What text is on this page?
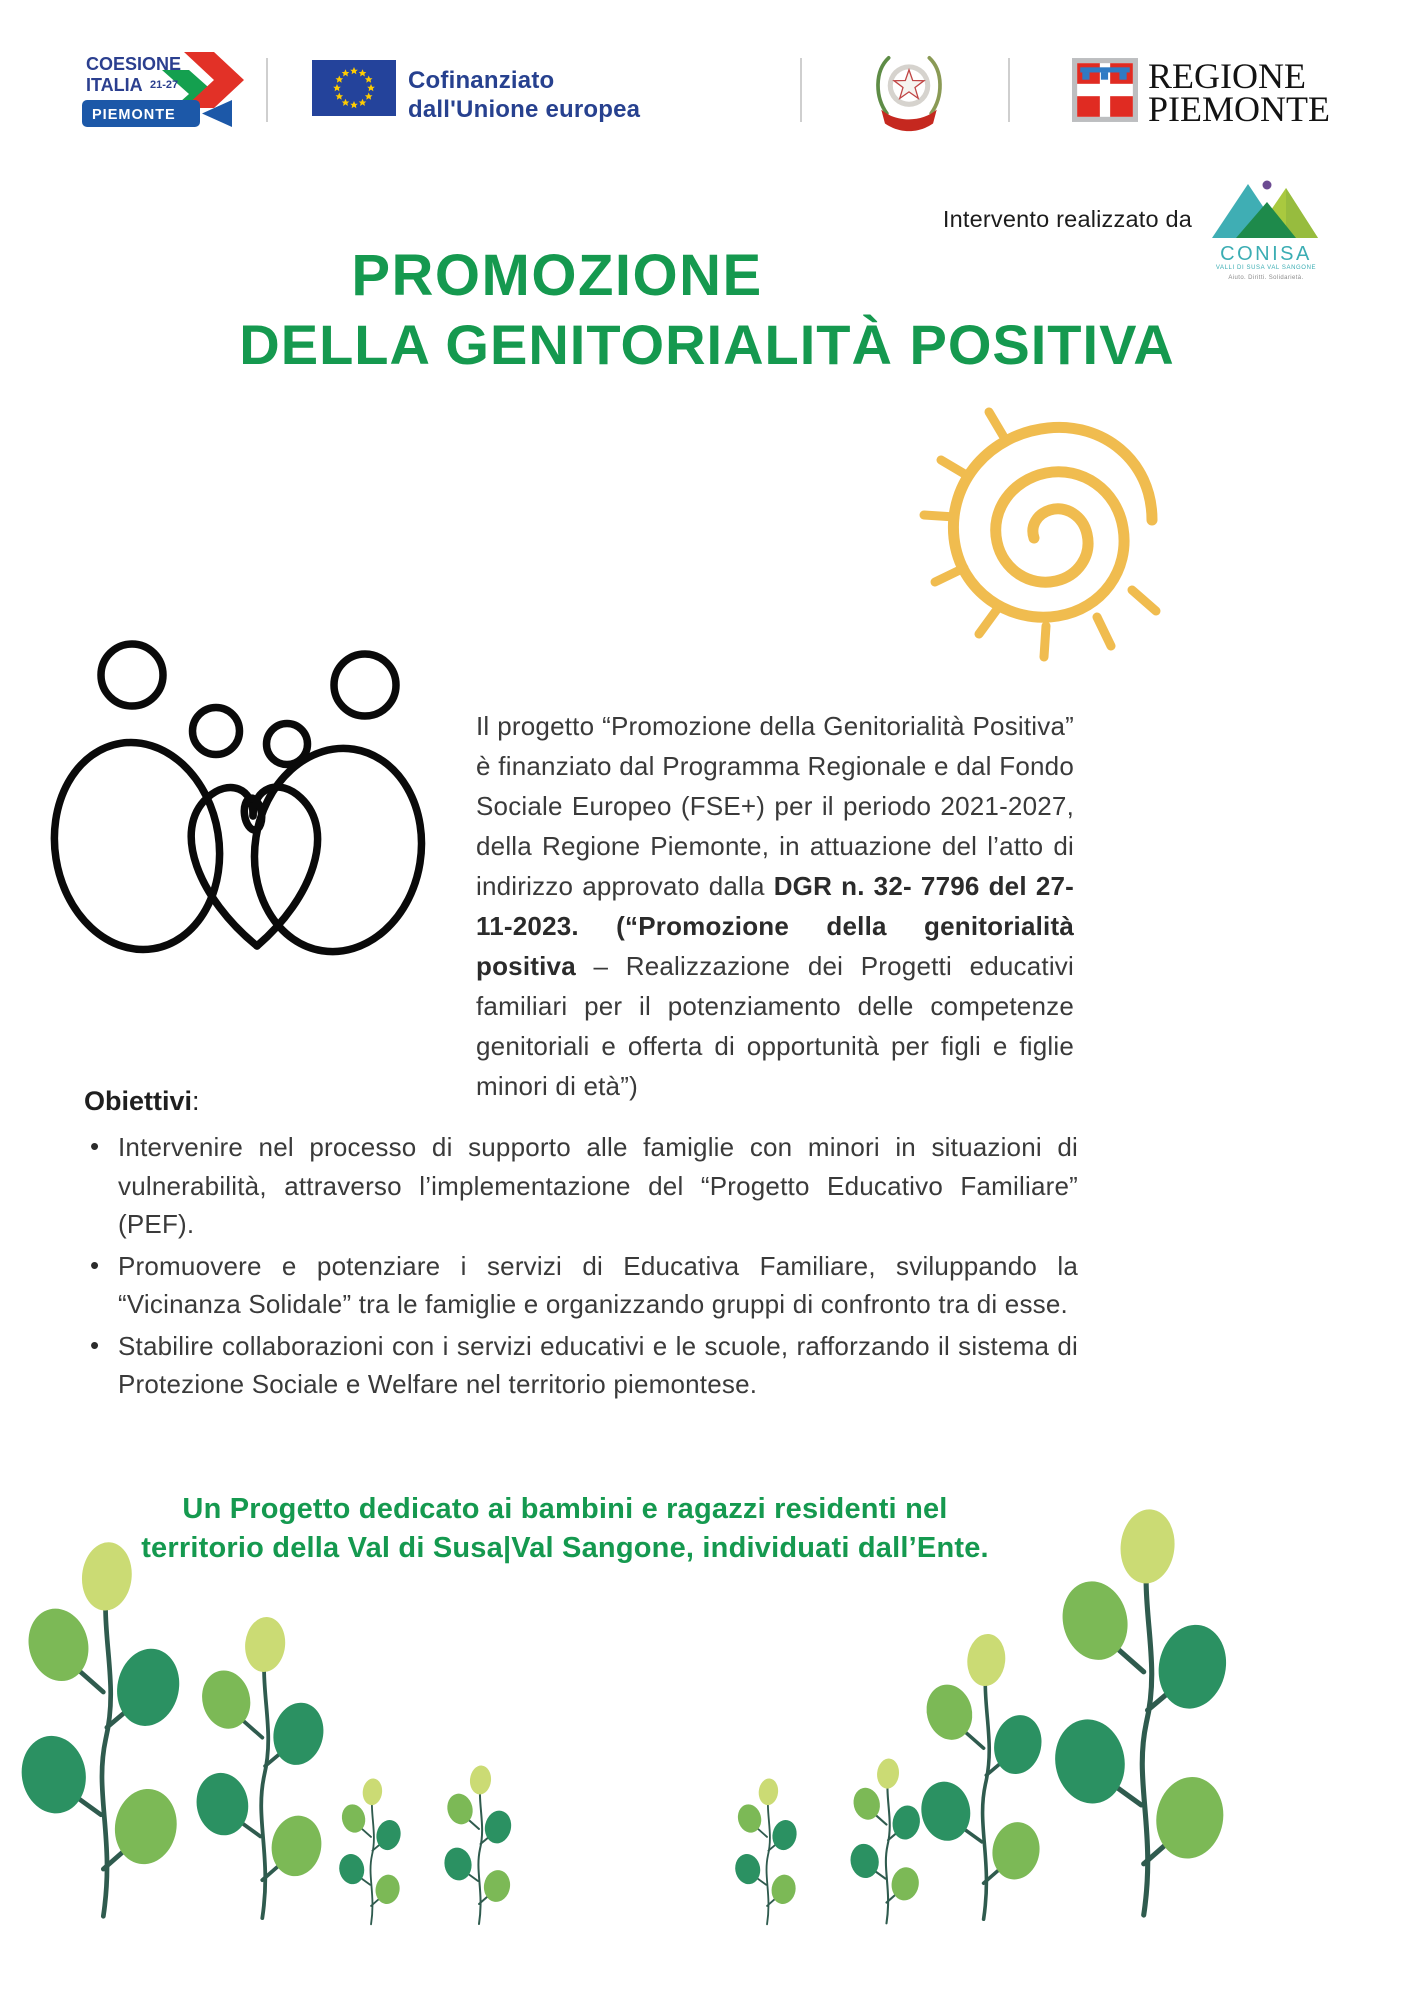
COESIONE
ITALIA 21-27
PIEMONTE
Cofinanziato
dall'Unione europea
REGIONE
PIEMONTE
Intervento realizzato da
CONISA
VALLI DI SUSA VAL SANGONE
Aiuto. Diritti. Solidarietà.
PROMOZIONE
DELLA GENITORIALITÀ POSITIVA

Il progetto “Promozione della Genitorialità Positiva” è finanziato dal Programma Regionale e dal Fondo Sociale Europeo (FSE+) per il periodo 2021-2027, della Regione Piemonte, in attuazione del l’atto di indirizzo approvato dalla DGR n. 32- 7796 del 27-11-2023. (“Promozione della genitorialità positiva – Realizzazione dei Progetti educativi familiari per il potenziamento delle competenze genitoriali e offerta di opportunità per figli e figlie minori di età”)

Obiettivi:
• Intervenire nel processo di supporto alle famiglie con minori in situazioni di vulnerabilità, attraverso l’implementazione del “Progetto Educativo Familiare” (PEF).
• Promuovere e potenziare i servizi di Educativa Familiare, sviluppando la “Vicinanza Solidale” tra le famiglie e organizzando gruppi di confronto tra di esse.
• Stabilire collaborazioni con i servizi educativi e le scuole, rafforzando il sistema di Protezione Sociale e Welfare nel territorio piemontese.
Un Progetto dedicato ai bambini e ragazzi residenti nel
territorio della Val di Susa|Val Sangone, individuati dall’Ente.
